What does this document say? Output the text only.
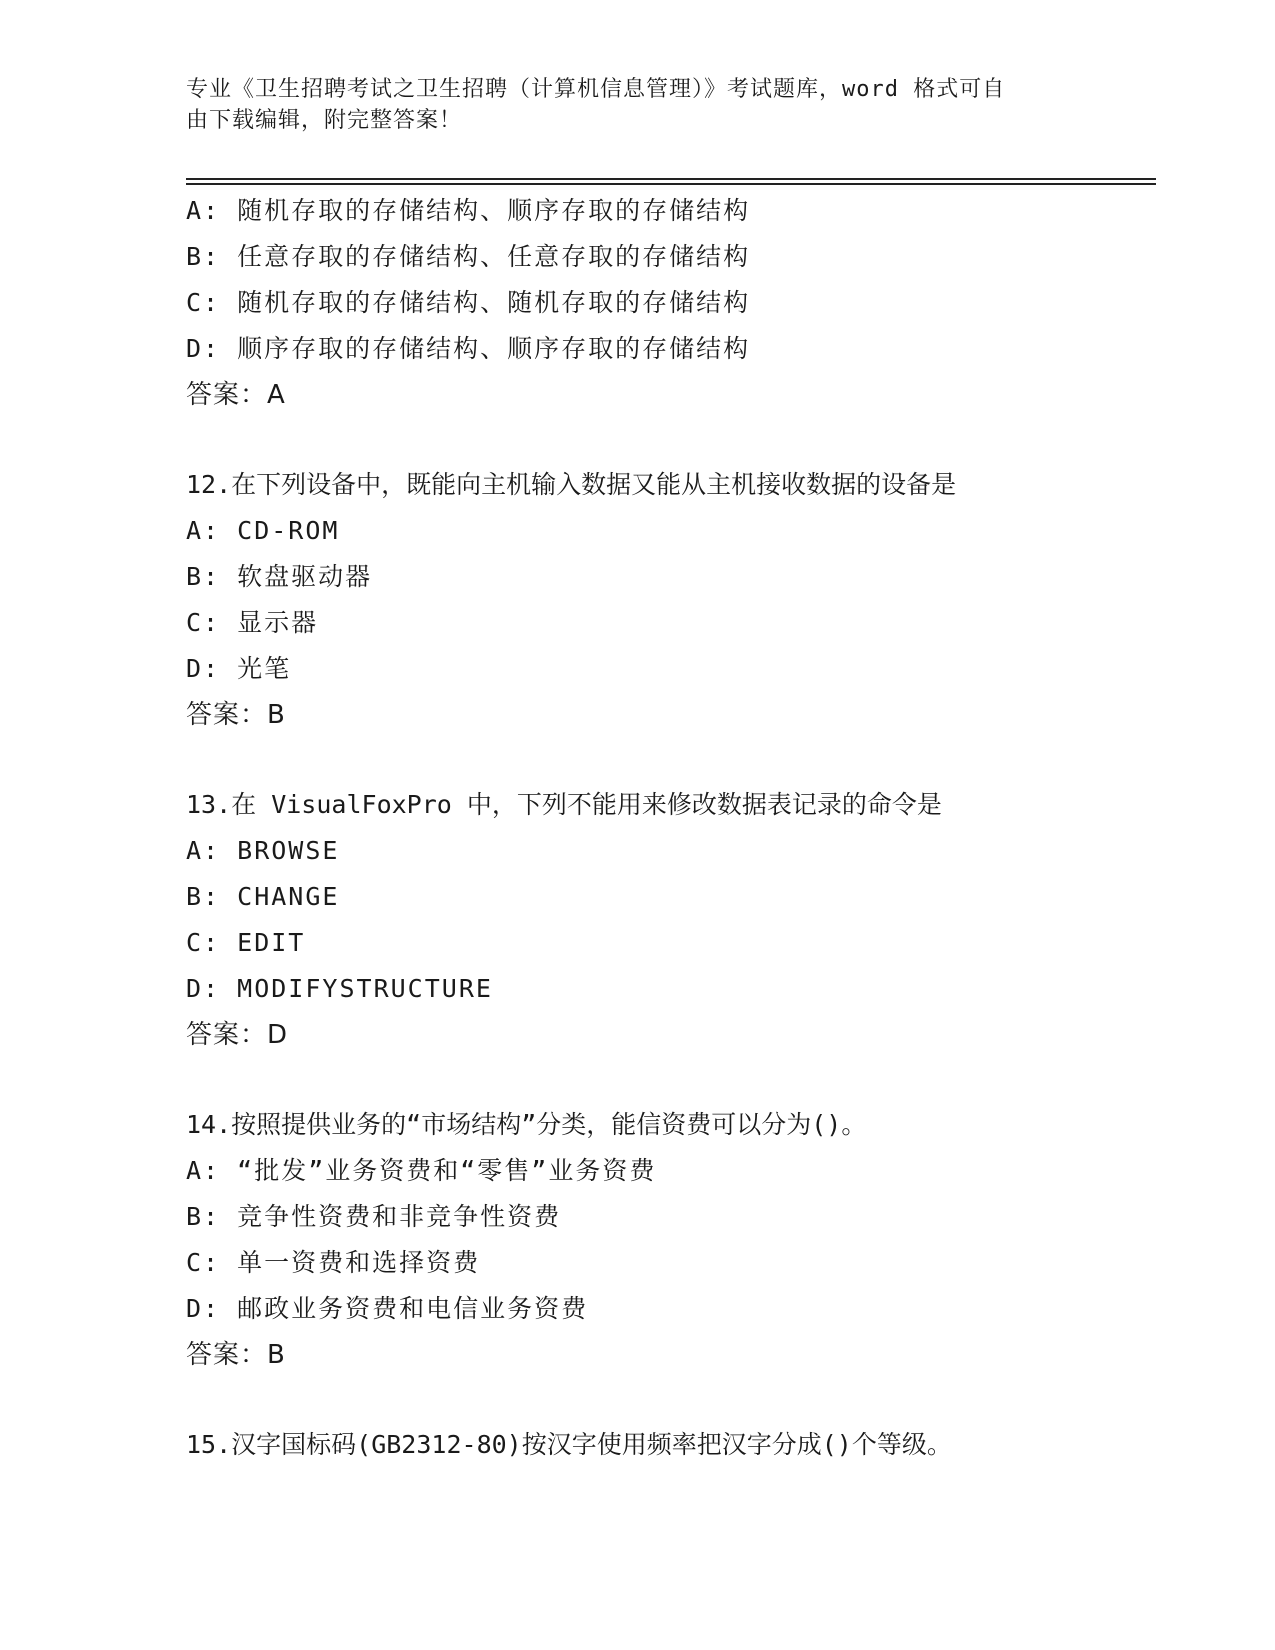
专业《卫生招聘考试之卫生招聘（计算机信息管理）》考试题库，word 格式可自
由下载编辑，附完整答案！
A: 随机存取的存储结构、顺序存取的存储结构
B: 任意存取的存储结构、任意存取的存储结构
C: 随机存取的存储结构、随机存取的存储结构
D: 顺序存取的存储结构、顺序存取的存储结构
答案：A
12.在下列设备中，既能向主机输入数据又能从主机接收数据的设备是
A: CD-ROM
B: 软盘驱动器
C: 显示器
D: 光笔
答案：B
13.在 VisualFoxPro 中，下列不能用来修改数据表记录的命令是
A: BROWSE
B: CHANGE
C: EDIT
D: MODIFYSTRUCTURE
答案：D
14.按照提供业务的“市场结构”分类，能信资费可以分为()。
A: “批发”业务资费和“零售”业务资费
B: 竞争性资费和非竞争性资费
C: 单一资费和选择资费
D: 邮政业务资费和电信业务资费
答案：B
15.汉字国标码(GB2312-80)按汉字使用频率把汉字分成()个等级。
